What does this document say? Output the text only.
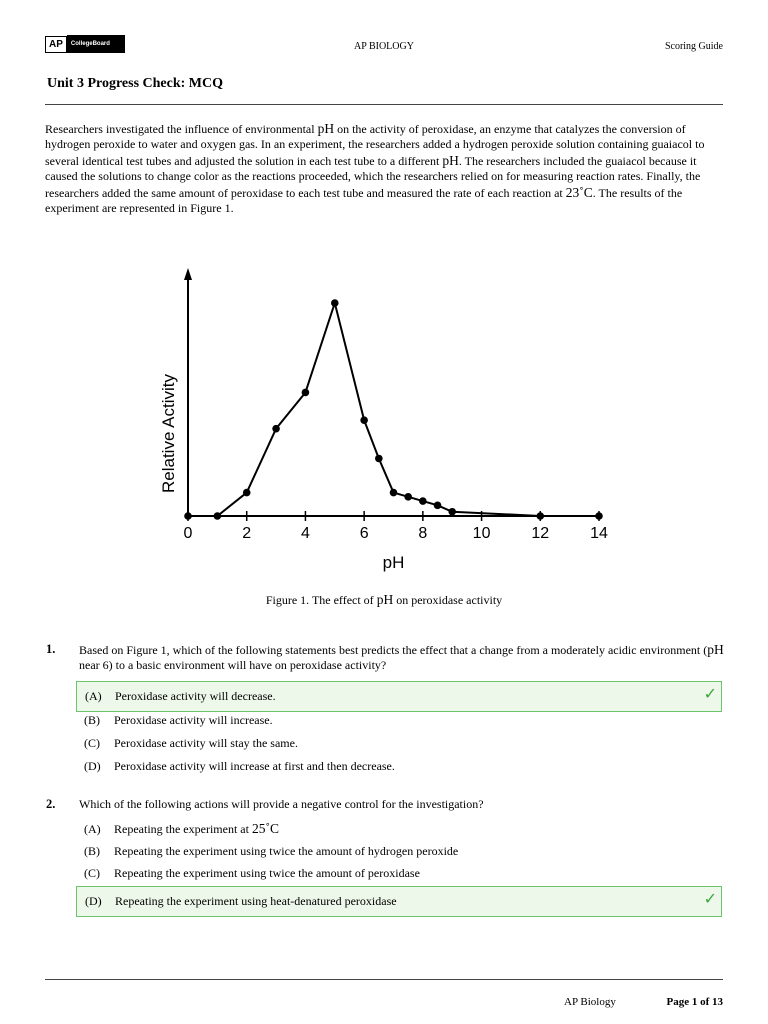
AP	CollegeBoard	AP BIOLOGY	Scoring Guide
Unit 3 Progress Check: MCQ
Researchers investigated the influence of environmental pH on the activity of peroxidase, an enzyme that catalyzes the conversion of hydrogen peroxide to water and oxygen gas. In an experiment, the researchers added a hydrogen peroxide solution containing guaiacol to several identical test tubes and adjusted the solution in each test tube to a different pH. The researchers included the guaiacol because it caused the solutions to change color as the reactions proceeded, which the researchers relied on for measuring reaction rates. Finally, the researchers added the same amount of peroxidase to each test tube and measured the rate of each reaction at 23˚C. The results of the experiment are represented in Figure 1.
0	2	4	6	8	10	12	14
pH
Relative Activity
Figure 1. The effect of pH on peroxidase activity
1. Based on Figure 1, which of the following statements best predicts the effect that a change from a moderately acidic environment (pH near 6) to a basic environment will have on peroxidase activity?
(A)	Peroxidase activity will decrease.	✓
(B)	Peroxidase activity will increase.
(C)	Peroxidase activity will stay the same.
(D)	Peroxidase activity will increase at first and then decrease.
2. Which of the following actions will provide a negative control for the investigation?
(A)	Repeating the experiment at
25˚C
(B)	Repeating the experiment using twice the amount of hydrogen peroxide
(C)	Repeating the experiment using twice the amount of peroxidase
(D)	Repeating the experiment using heat-denatured peroxidase	✓
AP Biology	Page 1 of 13
